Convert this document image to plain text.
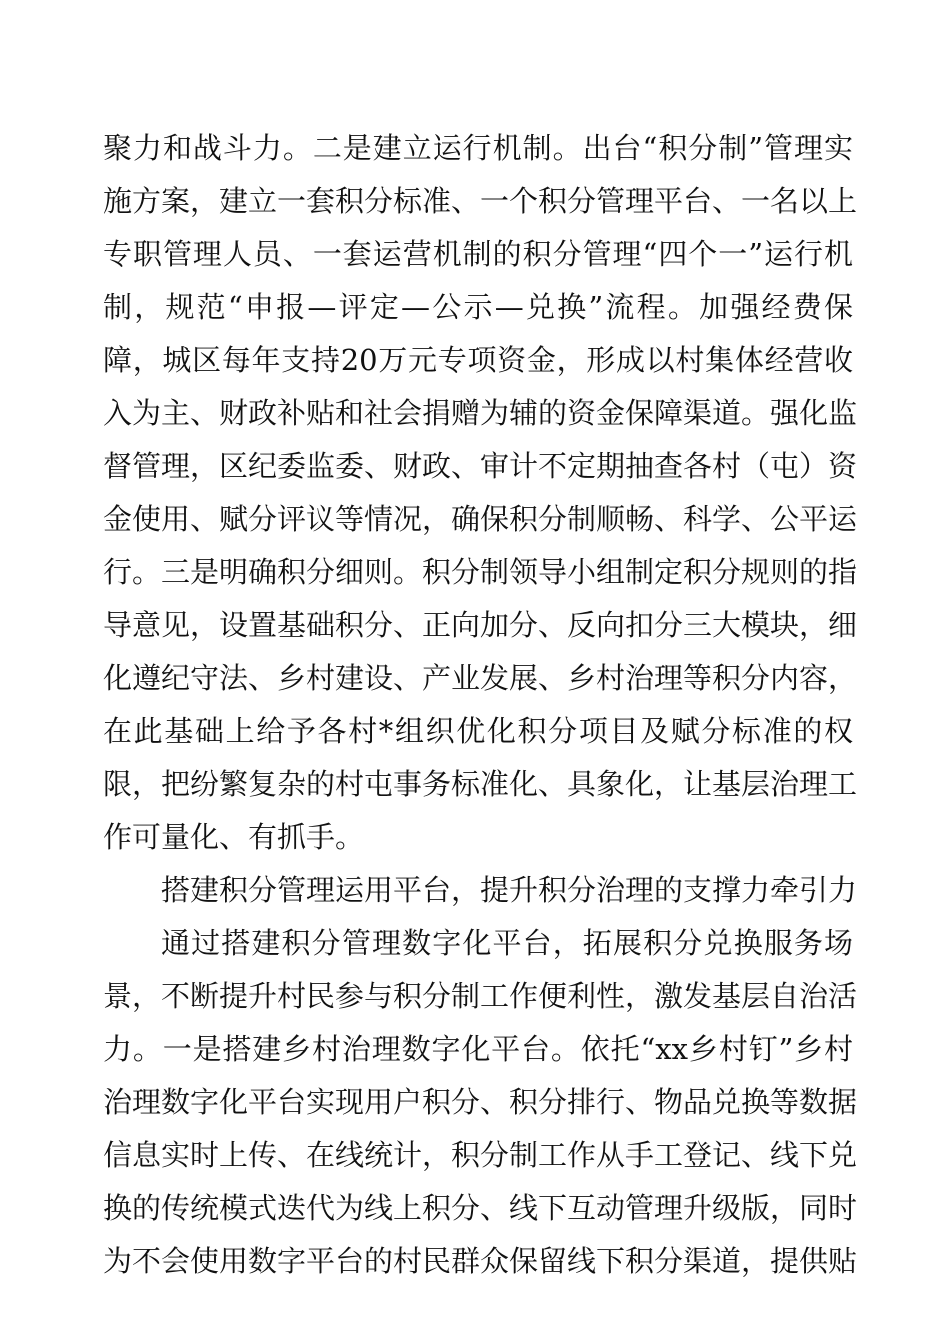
聚力和战斗力。二是建立运行机制。出台“积分制”管理实
施方案，建立一套积分标准、一个积分管理平台、一名以上
专职管理人员、一套运营机制的积分管理“四个一”运行机
制，规范“申报—评定—公示—兑换”流程。加强经费保
障，城区每年支持20万元专项资金，形成以村集体经营收
入为主、财政补贴和社会捐赠为辅的资金保障渠道。强化监
督管理，区纪委监委、财政、审计不定期抽查各村（屯）资
金使用、赋分评议等情况，确保积分制顺畅、科学、公平运
行。三是明确积分细则。积分制领导小组制定积分规则的指
导意见，设置基础积分、正向加分、反向扣分三大模块，细
化遵纪守法、乡村建设、产业发展、乡村治理等积分内容，
在此基础上给予各村*组织优化积分项目及赋分标准的权
限，把纷繁复杂的村屯事务标准化、具象化，让基层治理工
作可量化、有抓手。
搭建积分管理运用平台，提升积分治理的支撑力牵引力
通过搭建积分管理数字化平台，拓展积分兑换服务场
景，不断提升村民参与积分制工作便利性，激发基层自治活
力。一是搭建乡村治理数字化平台。依托“xx乡村钉”乡村
治理数字化平台实现用户积分、积分排行、物品兑换等数据
信息实时上传、在线统计，积分制工作从手工登记、线下兑
换的传统模式迭代为线上积分、线下互动管理升级版，同时
为不会使用数字平台的村民群众保留线下积分渠道，提供贴
